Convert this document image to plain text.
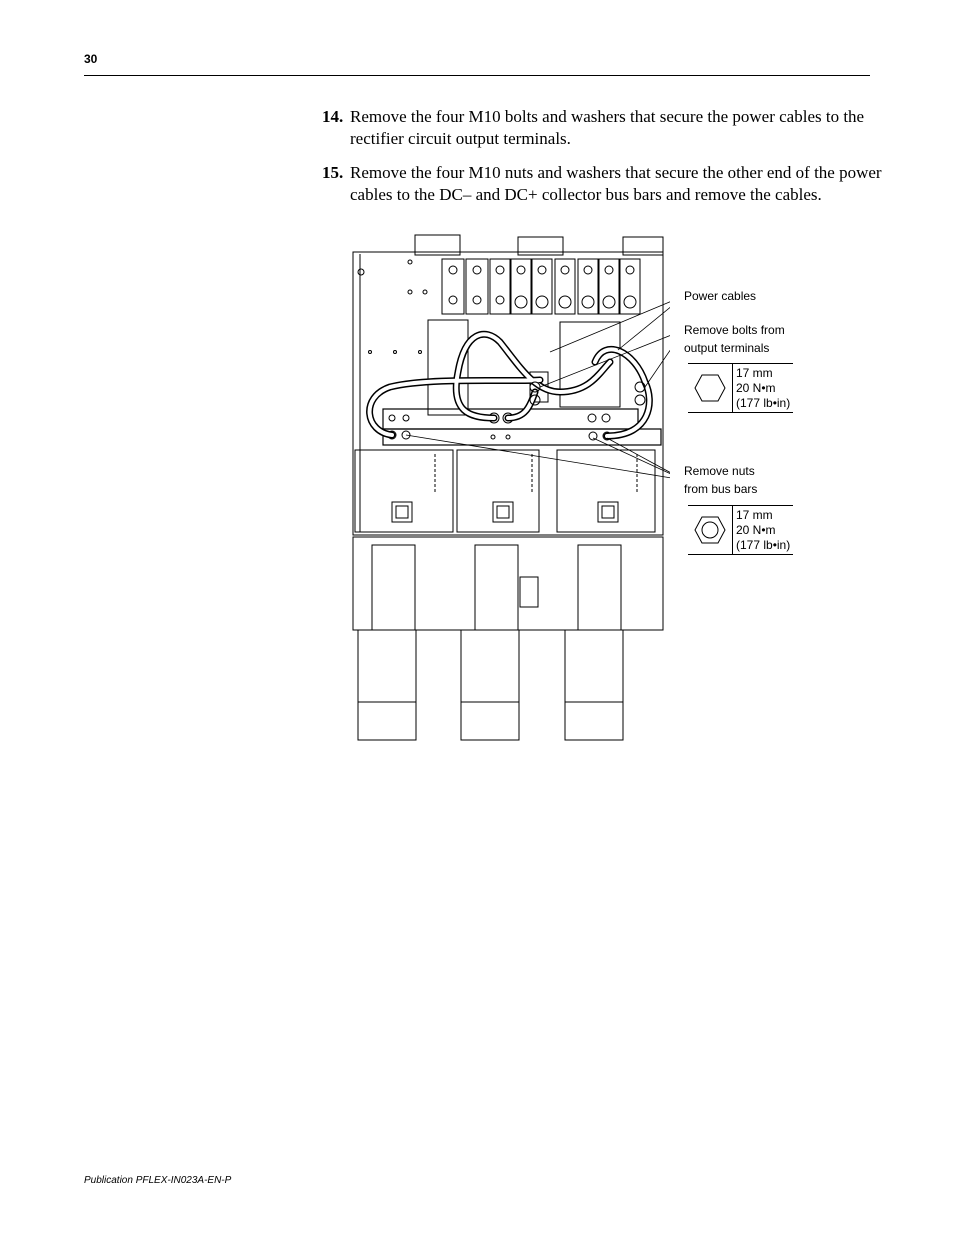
30
14. Remove the four M10 bolts and washers that secure the power cables to the rectifier circuit output terminals.
15. Remove the four M10 nuts and washers that secure the other end of the power cables to the DC– and DC+ collector bus bars and remove the cables.
Power cables
Remove bolts from
output terminals
Remove nuts
from bus bars
17 mm
20 N•m
(177 lb•in)
17 mm
20 N•m
(177 lb•in)
Publication PFLEX-IN023A-EN-P
